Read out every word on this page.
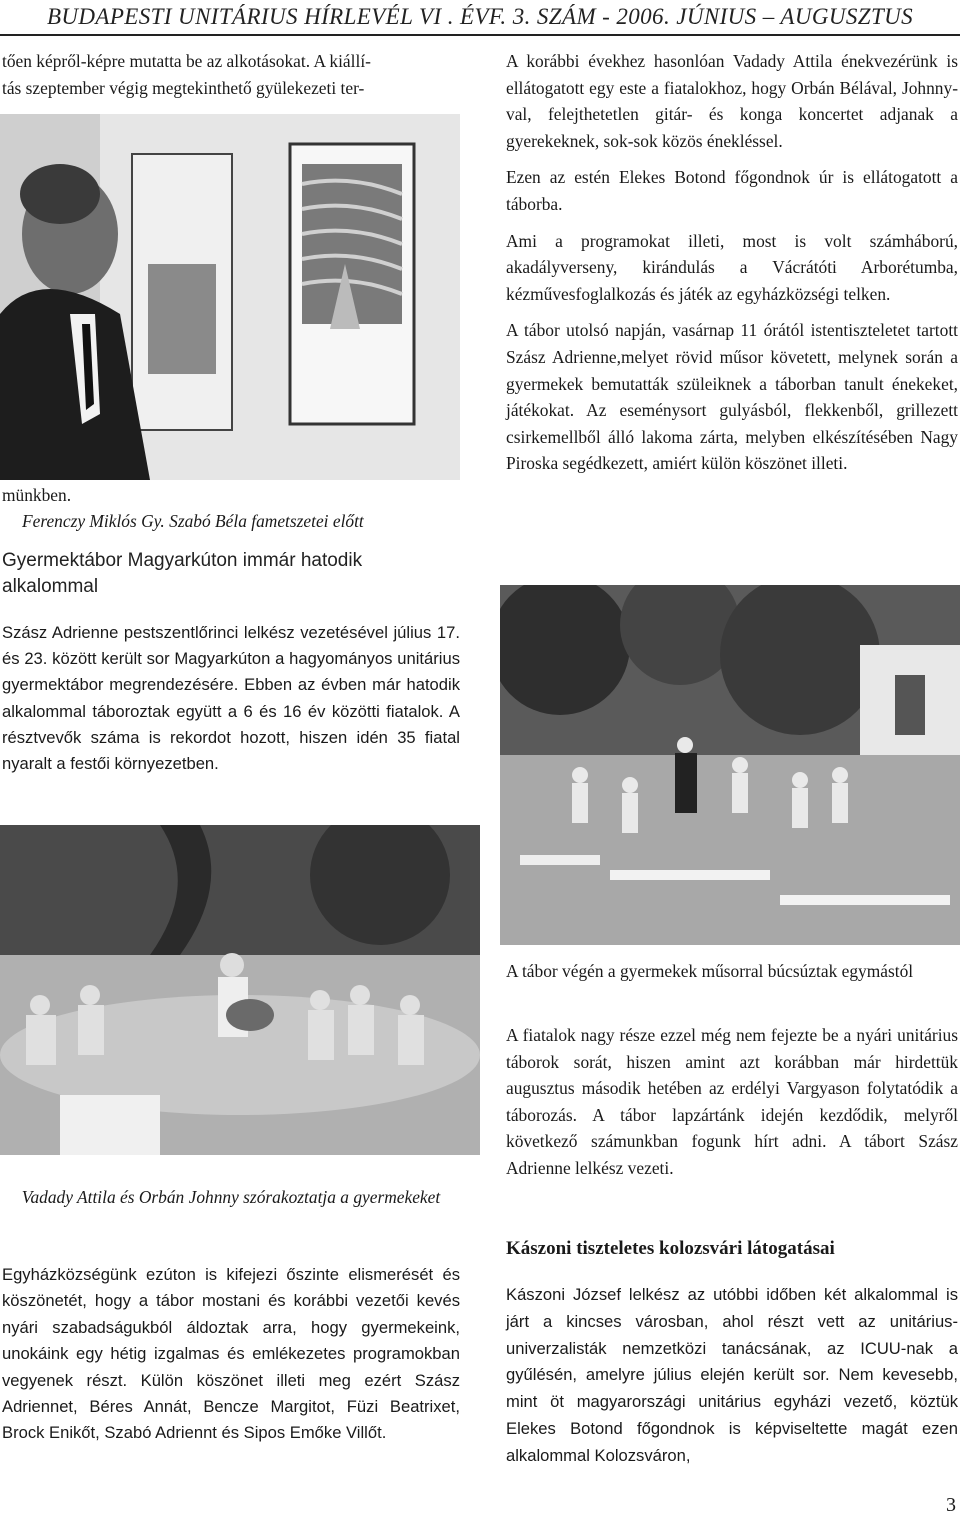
BUDAPESTI UNITÁRIUS HÍRLEVÉL VI . ÉVF. 3. SZÁM - 2006. JÚNIUS – AUGUSZTUS
tően képről-képre mutatta be az alkotásokat. A kiállí-
tás szeptember végig megtekinthető gyülekezeti ter-
münkben.
Ferenczy Miklós Gy. Szabó Béla fametszetei előtt
Gyermektábor Magyarkúton immár hatodik alkalommal
Szász Adrienne pestszentlőrinci lelkész vezetésével július 17. és 23. között került sor Magyarkúton a hagyományos unitárius gyermektábor megrendezésére. Ebben az évben már hatodik alkalommal táboroztak együtt a 6 és 16 év közötti fiatalok. A résztvevők száma is rekordot hozott, hiszen idén 35 fiatal nyaralt a festői környezetben.

A korábbi évekhez hasonlóan Vadady Attila énekvezérünk is ellátogatott egy este a fiatalokhoz, hogy Orbán Bélával, Johnny-val, felejthetetlen gitár- és konga koncertet adjanak a gyerekeknek, sok-sok közös énekléssel.

Ezen az estén Elekes Botond főgondnok úr is ellátogatott a táborba.

Ami a programokat illeti, most is volt számháború, akadályverseny, kirándulás a Vácrátóti Arborétumba, kézművesfoglalkozás és játék az egyházközségi telken.

A tábor utolsó napján, vasárnap 11 órától istentiszteletet tartott Szász Adrienne,melyet rövid műsor követett, melynek során a gyermekek bemutatták szüleiknek a táborban tanult énekeket, játékokat. Az eseménysort gulyásból, flekkenből, grillezett csirkemellből álló lakoma zárta, melyben elkészítésében Nagy Piroska segédkezett, amiért külön köszönet illeti.

A tábor végén a gyermekek műsorral búcsúztak egymástól
Vadady Attila és Orbán Johnny szórakoztatja a gyermekeket
Egyházközségünk ezúton is kifejezi őszinte elismerését és köszönetét, hogy a tábor mostani és korábbi vezetői kevés nyári szabadságukból áldoztak arra, hogy gyermekeink, unokáink egy hétig izgalmas és emlékezetes programokban vegyenek részt. Külön köszönet illeti meg ezért Szász Adriennet, Béres Annát, Bencze Margitot, Füzi Beatrixet, Brock Enikőt, Szabó Adriennt és Sipos Emőke Villőt.

A fiatalok nagy része ezzel még nem fejezte be a nyári unitárius táborok sorát, hiszen amint azt korábban már hirdettük augusztus második hetében az erdélyi Vargyason folytatódik a táborozás. A tábor lapzártánk idején kezdődik, melyről következő számunkban fogunk hírt adni. A tábort Szász Adrienne lelkész vezeti.

Kászoni tiszteletes kolozsvári látogatásai
Kászoni József lelkész az utóbbi időben két alkalommal is járt a kincses városban, ahol részt vett az unitárius-univerzalisták nemzetközi tanácsának, az ICUU-nak a gyűlésén, amelyre július elején került sor. Nem kevesebb, mint öt magyarországi unitárius egyházi vezető, köztük Elekes Botond főgondnok is képviseltette magát ezen alkalommal Kolozsváron,
3
